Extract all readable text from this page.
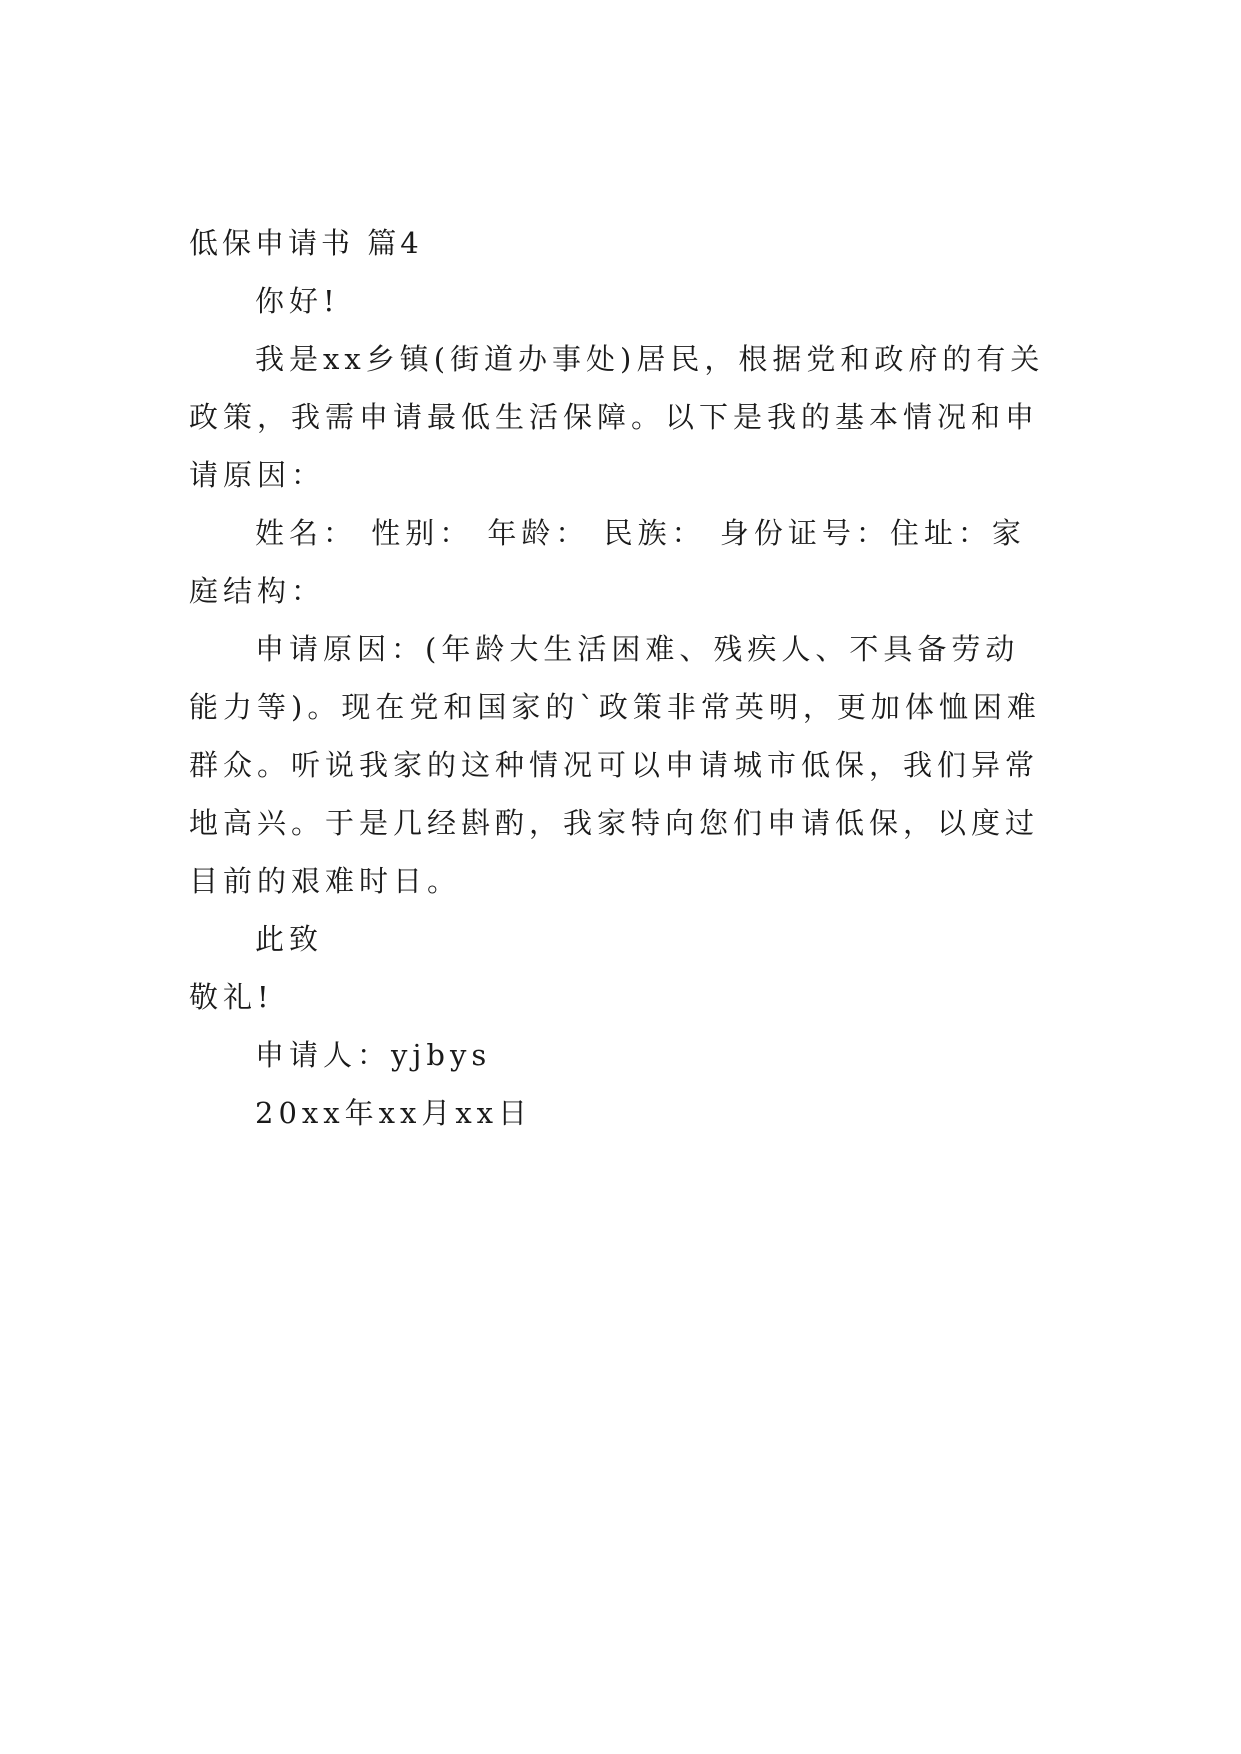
低保申请书 篇4

你好!

我是xx乡镇(街道办事处)居民，根据党和政府的有关政策，我需申请最低生活保障。以下是我的基本情况和申请原因：

姓名： 性别： 年龄： 民族： 身份证号：住址：家庭结构：

申请原因：(年龄大生活困难、残疾人、不具备劳动能力等)。现在党和国家的`政策非常英明，更加体恤困难群众。听说我家的这种情况可以申请城市低保，我们异常地高兴。于是几经斟酌，我家特向您们申请低保，以度过目前的艰难时日。

此致

敬礼!

申请人：yjbys

20xx年xx月xx日
